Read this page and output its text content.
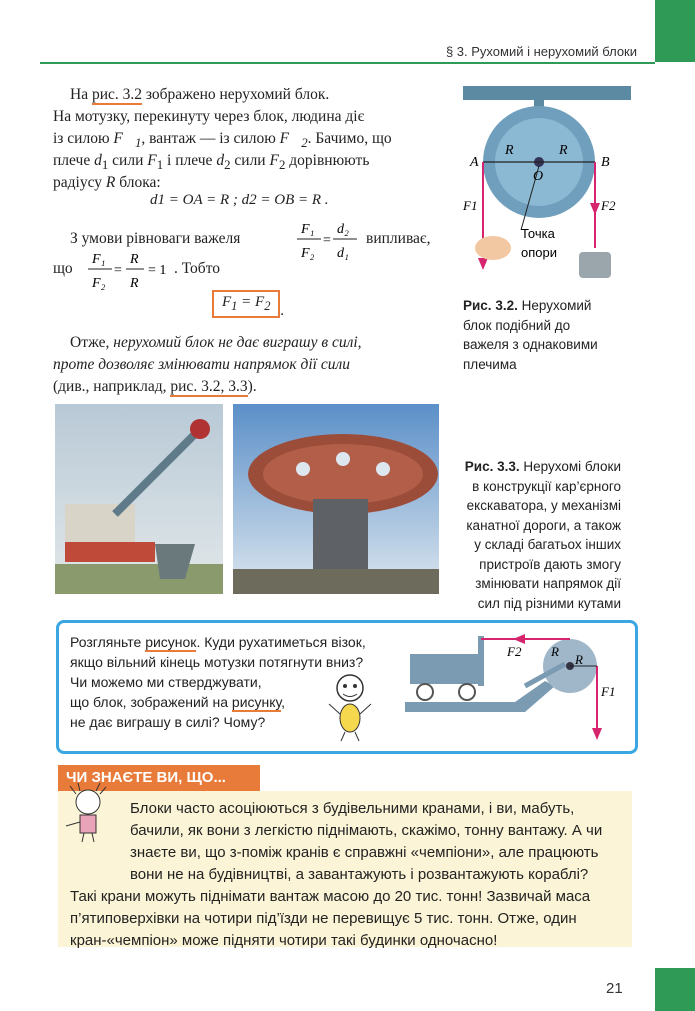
§ 3. Рухомий і нерухомий блоки
На рис. 3.2 зображено нерухомий блок.
На мотузку, перекинуту через блок, людина діє
із силою $F⃗_1$, вантаж — із силою $F⃗_2$. Бачимо, що
плече $d_1$ сили $F_1$ і плече $d_2$ сили $F_2$ дорівнюють
радіусу R блока:
d1 = OA = R ; d2 = OB = R .
З умови рівноваги важеля
F₁
F₂
=
d₂
d₁
випливає,
що
F₁
F₂
=
R
R
= 1 . Тобто
$F_1 = F_2$ .
Отже, нерухомий блок не дає виграшу в силі,
проте дозволяє змінювати напрямок дії сили
(див., наприклад, рис. 3.2, 3.3).
A	B
O
R	R
F1	F2
Точка
опори
Рис. 3.2. Нерухомий
блок подібний до
важеля з однаковими
плечима
Рис. 3.3. Нерухомі блоки
в конструкції кар’єрного
екскаватора, у механізмі
канатної дороги, а також
у складі багатьох інших
пристроїв дають змогу
змінювати напрямок дії
сил під різними кутами
Розгляньте рисунок. Куди рухатиметься візок,
якщо вільний кінець мотузки потягнути вниз?
Чи можемо ми стверджувати,
що блок, зображений на рисунку,
не дає виграшу в силі? Чому?
F2 R
R
F1
ЧИ ЗНАЄТЕ ВИ, ЩО...
Блоки часто асоціюються з будівельними кранами, і ви, мабуть,
бачили, як вони з легкістю піднімають, скажімо, тонну вантажу. А чи
знаєте ви, що з-поміж кранів є справжні «чемпіони», але працюють
вони не на будівництві, а завантажують і розвантажують кораблі?
Такі крани можуть піднімати вантаж масою до 20 тис. тонн! Зазвичай маса
п’ятиповерхівки на чотири під’їзди не перевищує 5 тис. тонн. Отже, один
кран-«чемпіон» може підняти чотири такі будинки одночасно!
21
